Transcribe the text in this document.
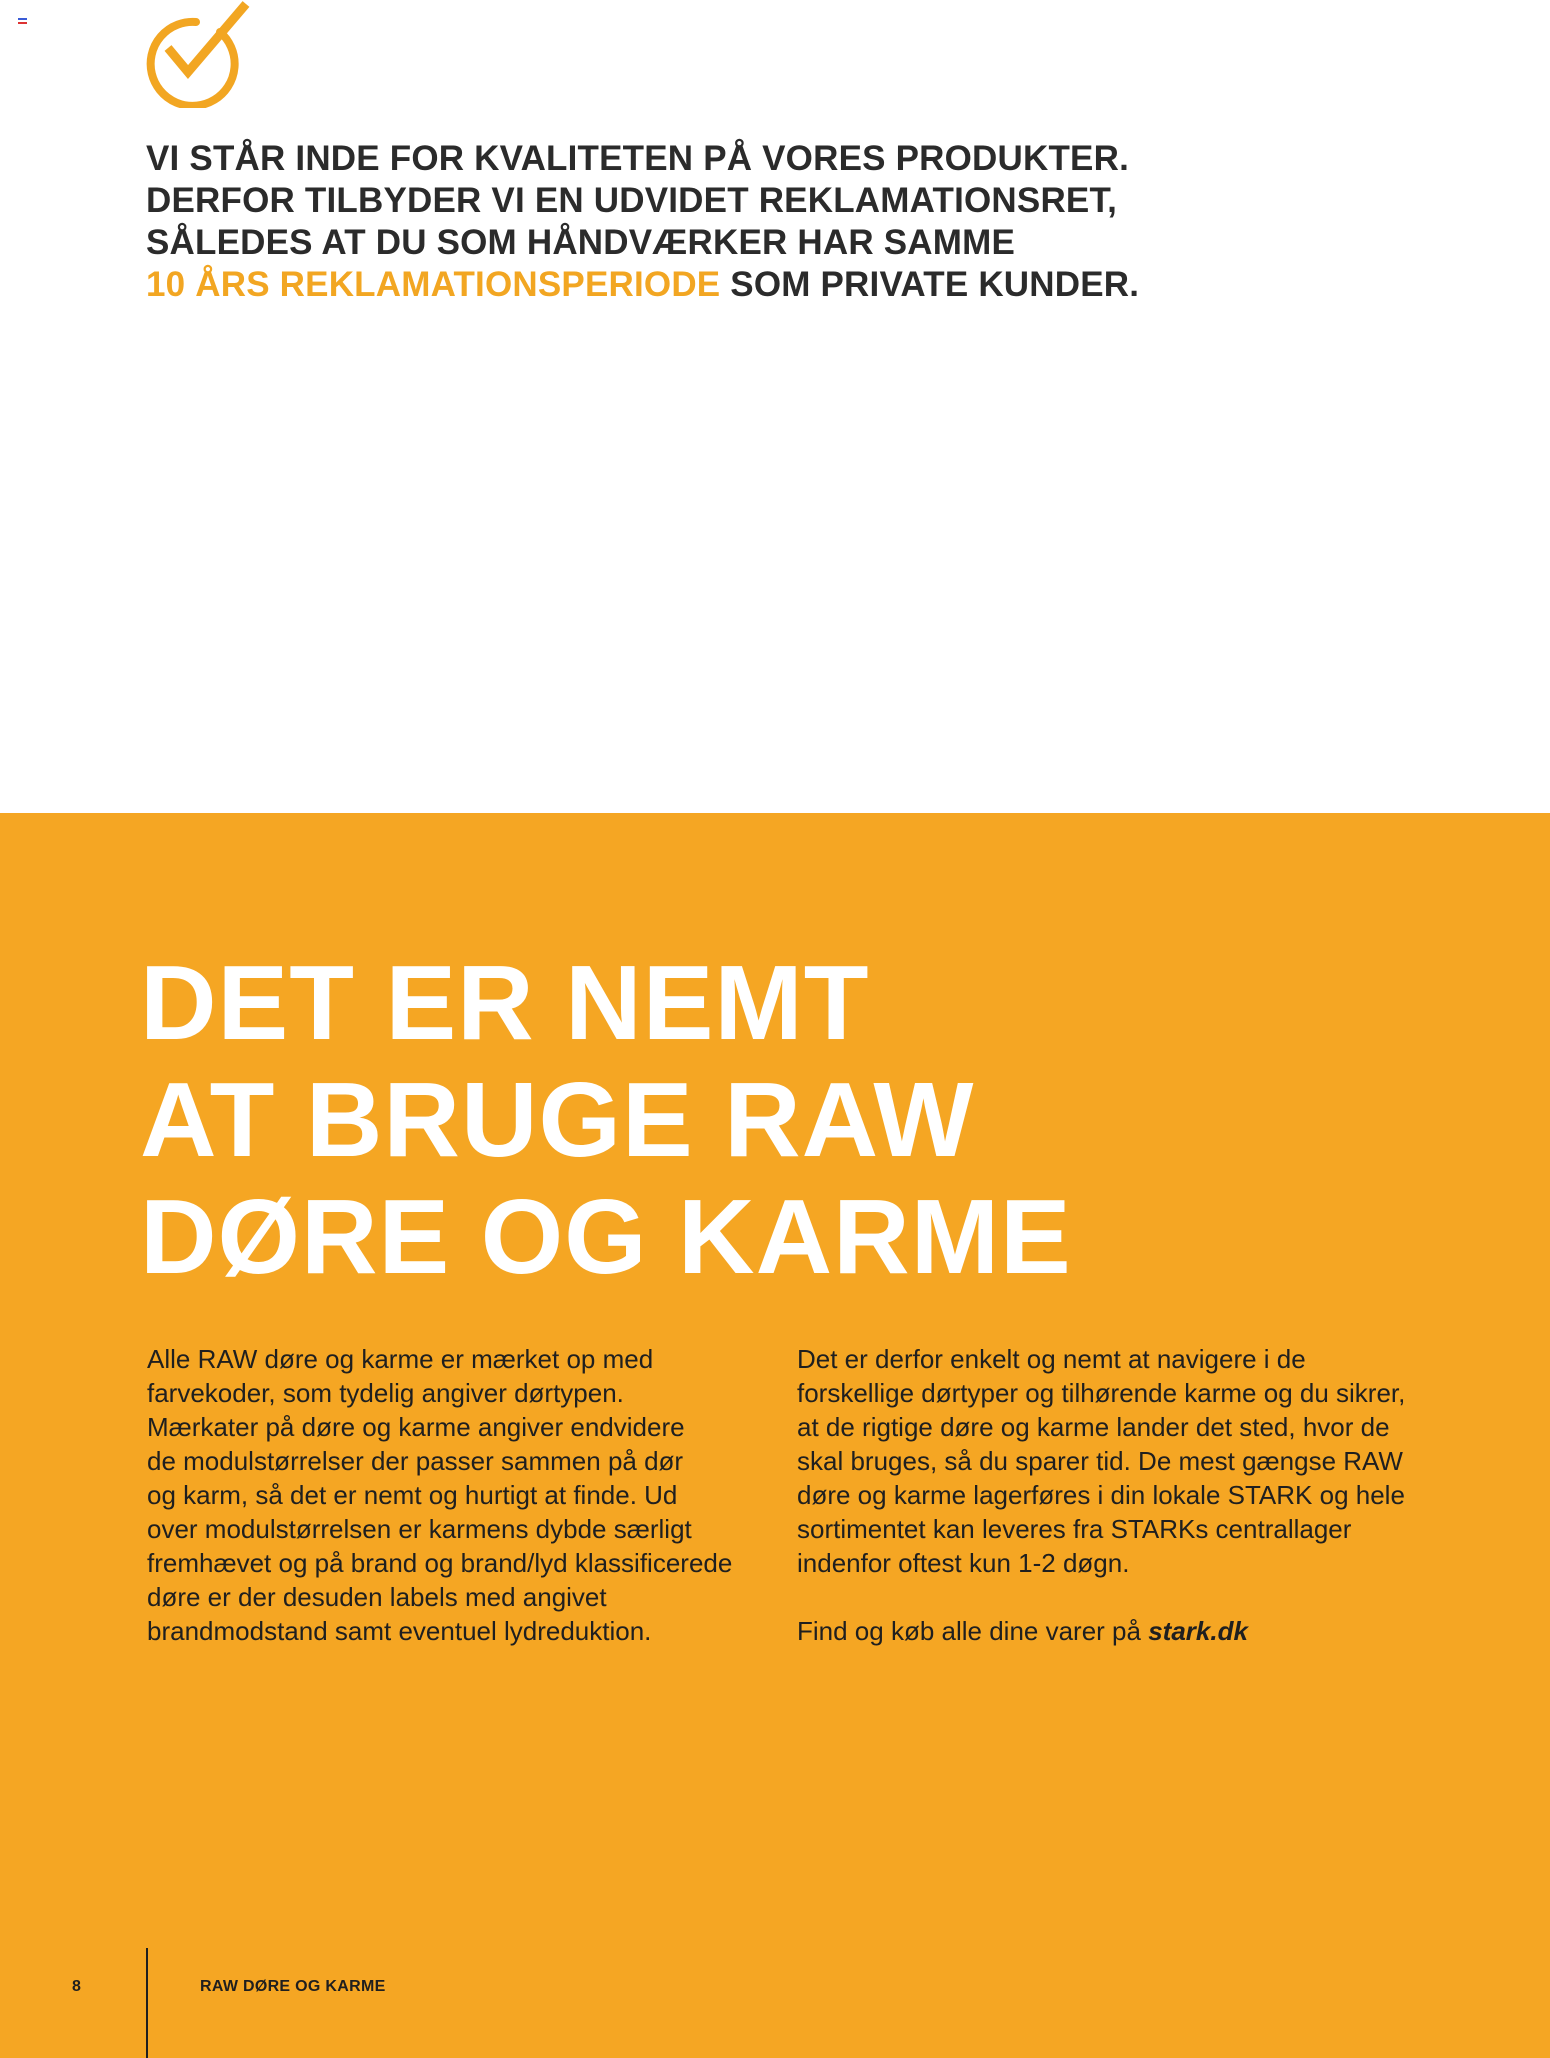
VI STÅR INDE FOR KVALITETEN PÅ VORES PRODUKTER.
DERFOR TILBYDER VI EN UDVIDET REKLAMATIONSRET,
SÅLEDES AT DU SOM HÅNDVÆRKER HAR SAMME
10 ÅRS REKLAMATIONSPERIODE SOM PRIVATE KUNDER.
DET ER NEMT
AT BRUGE RAW
DØRE OG KARME

Alle RAW døre og karme er mærket op med
farvekoder, som tydelig angiver dørtypen.
Mærkater på døre og karme angiver endvidere
de modulstørrelser der passer sammen på dør
og karm, så det er nemt og hurtigt at finde. Ud
over modulstørrelsen er karmens dybde særligt
fremhævet og på brand og brand/lyd klassificerede
døre er der desuden labels med angivet
brandmodstand samt eventuel lydreduktion.

Det er derfor enkelt og nemt at navigere i de
forskellige dørtyper og tilhørende karme og du sikrer,
at de rigtige døre og karme lander det sted, hvor de
skal bruges, så du sparer tid. De mest gængse RAW
døre og karme lagerføres i din lokale STARK og hele
sortimentet kan leveres fra STARKs centrallager
indenfor oftest kun 1-2 døgn.

Find og køb alle dine varer på stark.dk

8	RAW DØRE OG KARME
